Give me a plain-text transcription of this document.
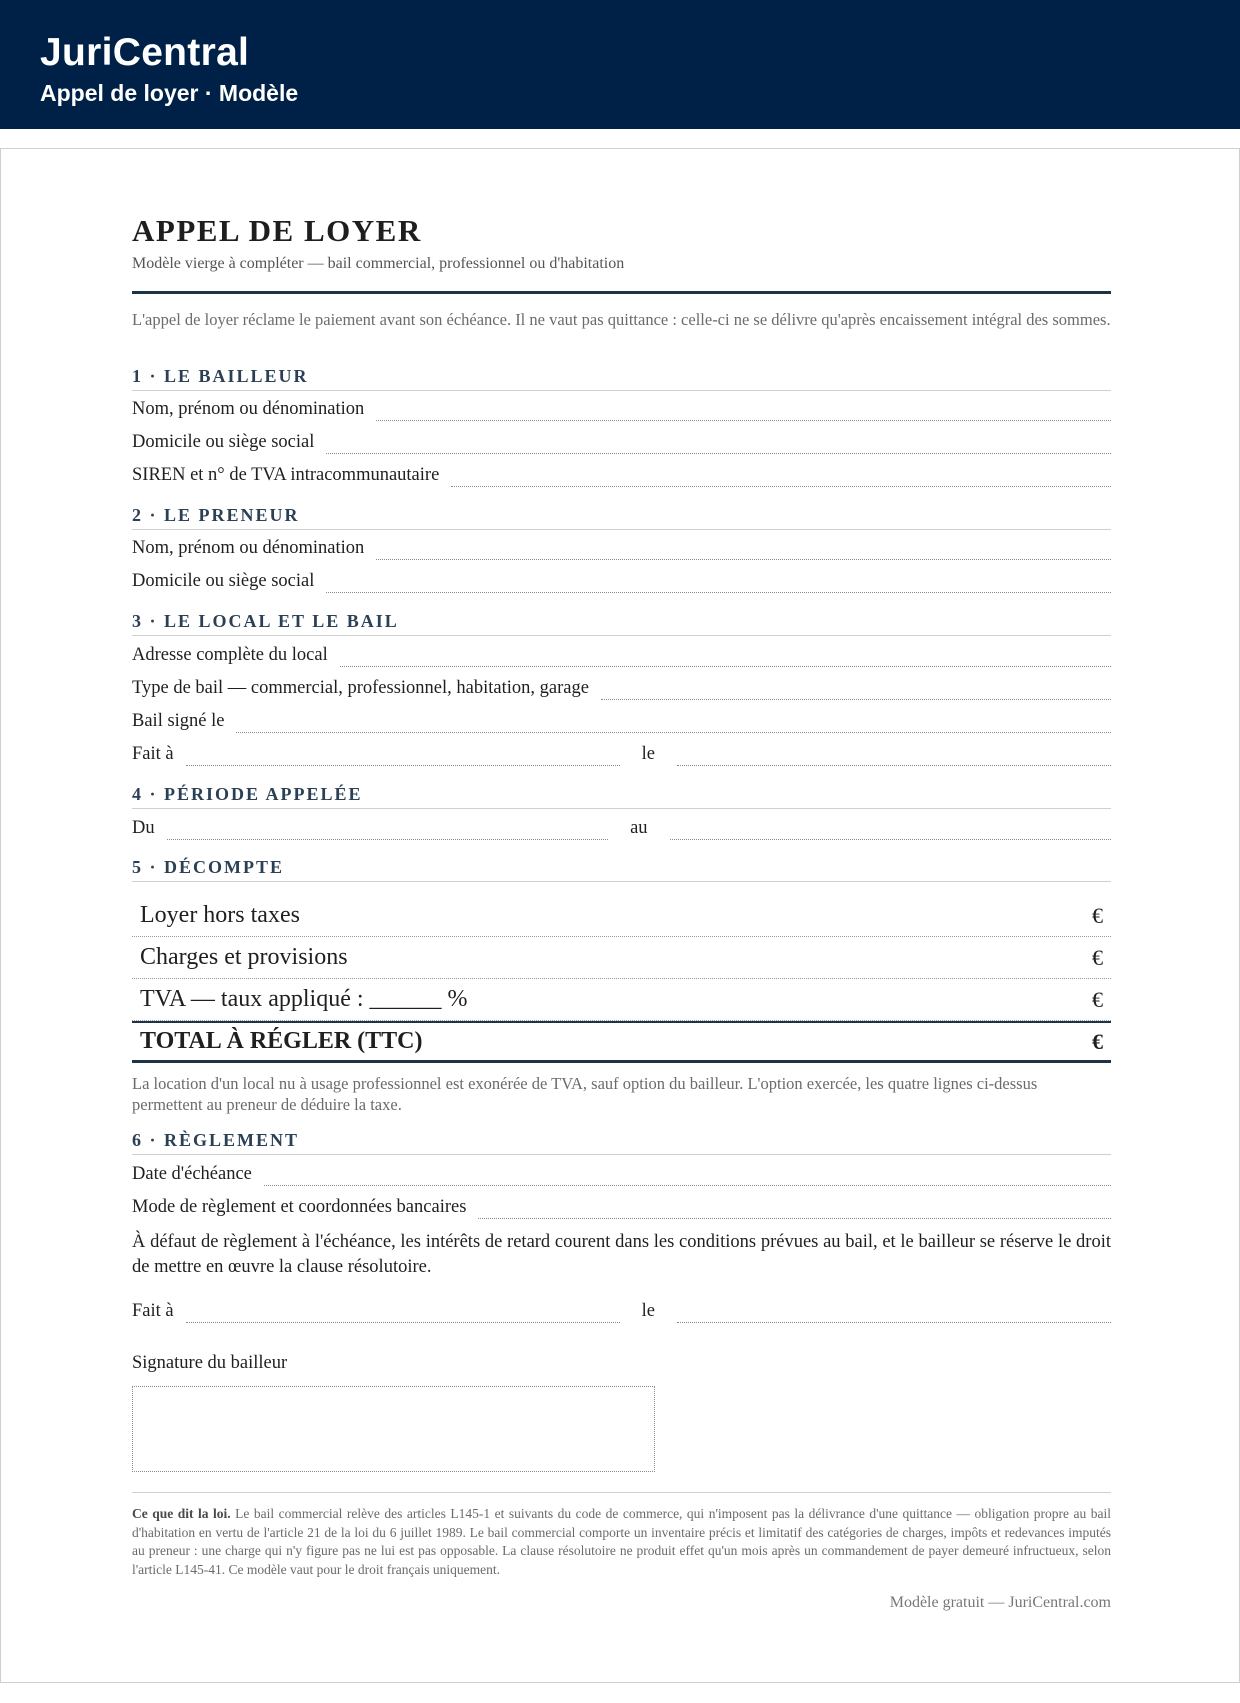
JuriCentral
Appel de loyer · Modèle
APPEL DE LOYER
Modèle vierge à compléter — bail commercial, professionnel ou d'habitation
L'appel de loyer réclame le paiement avant son échéance. Il ne vaut pas quittance : celle-ci ne se délivre qu'après encaissement intégral des sommes.
1 · LE BAILLEUR
Nom, prénom ou dénomination
Domicile ou siège social
SIREN et n° de TVA intracommunautaire
2 · LE PRENEUR
Nom, prénom ou dénomination
Domicile ou siège social
3 · LE LOCAL ET LE BAIL
Adresse complète du local
Type de bail — commercial, professionnel, habitation, garage
Bail signé le
Fait à	le
4 · PÉRIODE APPELÉE
Du	au
5 · DÉCOMPTE
Loyer hors taxes	€
Charges et provisions	€
TVA — taux appliqué : ______ %	€
TOTAL À RÉGLER (TTC)	€
La location d'un local nu à usage professionnel est exonérée de TVA, sauf option du bailleur. L'option exercée, les quatre lignes ci-dessus permettent au preneur de déduire la taxe.
6 · RÈGLEMENT
Date d'échéance
Mode de règlement et coordonnées bancaires
À défaut de règlement à l'échéance, les intérêts de retard courent dans les conditions prévues au bail, et le bailleur se réserve le droit de mettre en œuvre la clause résolutoire.
Fait à	le
Signature du bailleur
Ce que dit la loi. Le bail commercial relève des articles L145-1 et suivants du code de commerce, qui n'imposent pas la délivrance d'une quittance — obligation propre au bail d'habitation en vertu de l'article 21 de la loi du 6 juillet 1989. Le bail commercial comporte un inventaire précis et limitatif des catégories de charges, impôts et redevances imputés au preneur : une charge qui n'y figure pas ne lui est pas opposable. La clause résolutoire ne produit effet qu'un mois après un commandement de payer demeuré infructueux, selon l'article L145-41. Ce modèle vaut pour le droit français uniquement.
Modèle gratuit — JuriCentral.com
